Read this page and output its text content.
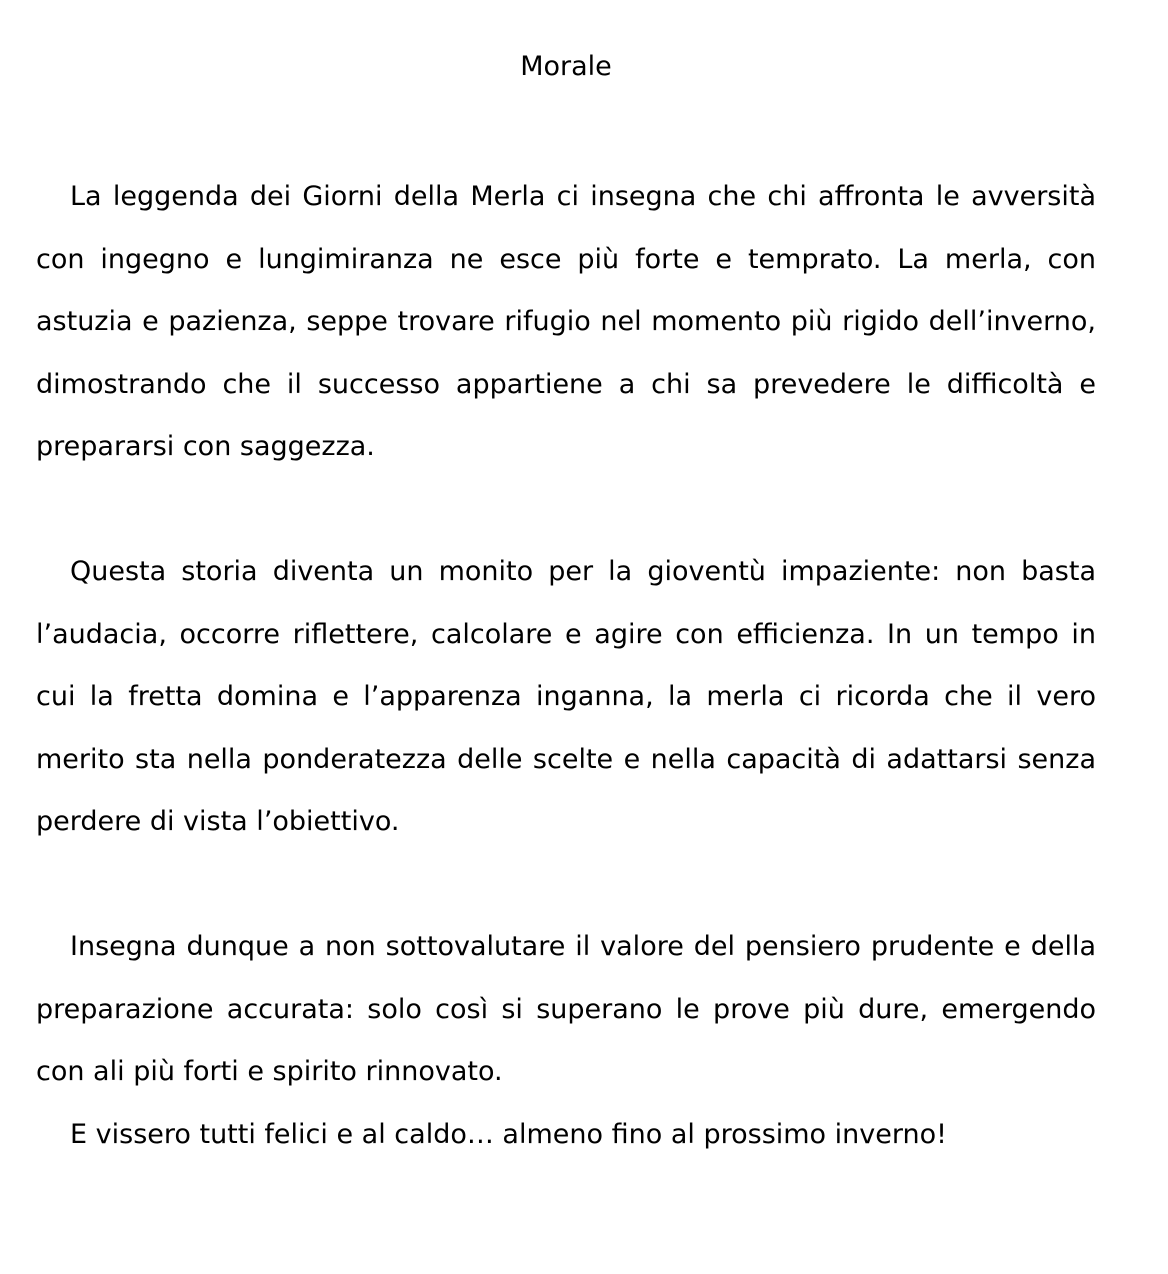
Morale

La leggenda dei Giorni della Merla ci insegna che chi affronta le avversità con ingegno e lungimiranza ne esce più forte e temprato. La merla, con astuzia e pazienza, seppe trovare rifugio nel momento più rigido dell’inverno, dimostrando che il successo appartiene a chi sa prevedere le difficoltà e prepararsi con saggezza.

Questa storia diventa un monito per la gioventù impaziente: non basta l’audacia, occorre riflettere, calcolare e agire con efficienza. In un tempo in cui la fretta domina e l’apparenza inganna, la merla ci ricorda che il vero merito sta nella ponderatezza delle scelte e nella capacità di adattarsi senza perdere di vista l’obiettivo.

Insegna dunque a non sottovalutare il valore del pensiero prudente e della preparazione accurata: solo così si superano le prove più dure, emergendo con ali più forti e spirito rinnovato.

E vissero tutti felici e al caldo… almeno fino al prossimo inverno!
